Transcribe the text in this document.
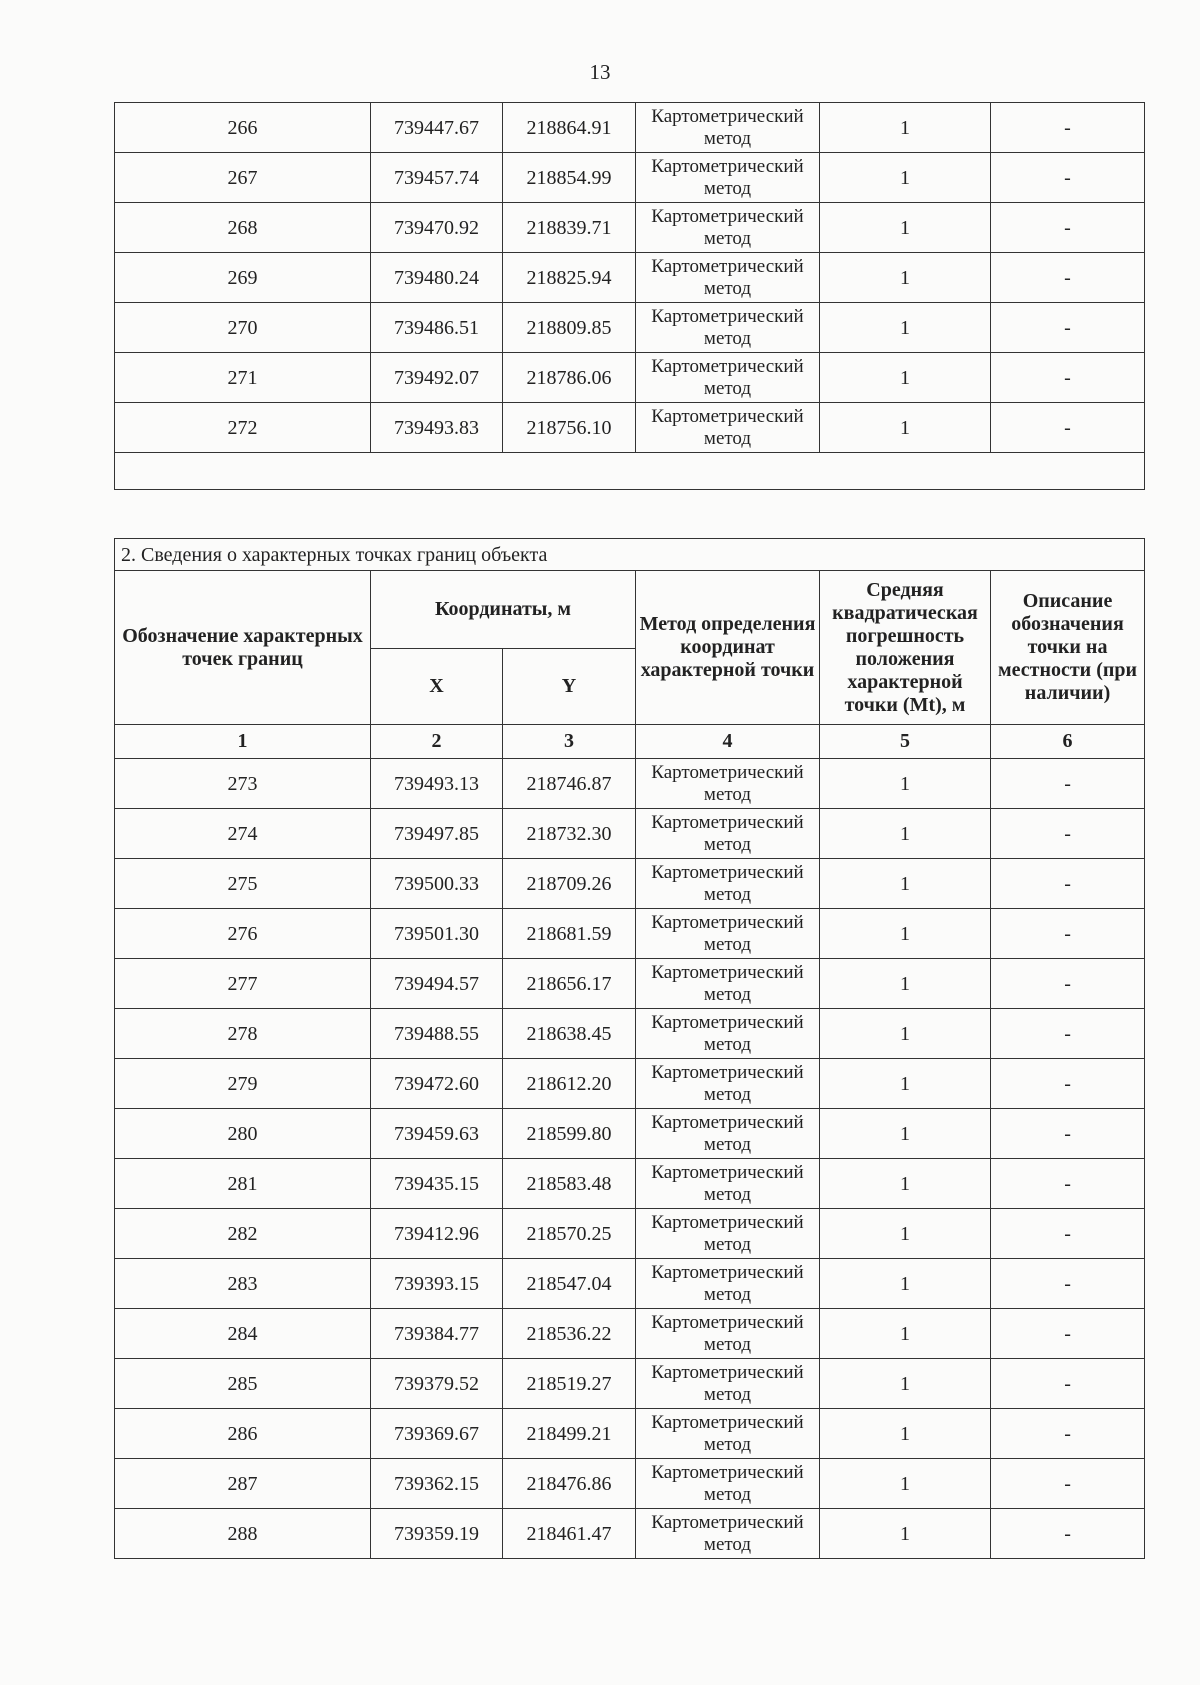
13
266	739447.67	218864.91	Картометрический метод	1	-
267	739457.74	218854.99	Картометрический метод	1	-
268	739470.92	218839.71	Картометрический метод	1	-
269	739480.24	218825.94	Картометрический метод	1	-
270	739486.51	218809.85	Картометрический метод	1	-
271	739492.07	218786.06	Картометрический метод	1	-
272	739493.83	218756.10	Картометрический метод	1	-

2. Сведения о характерных точках границ объекта					
Обозначение характерных точек границ	Координаты, м		Метод определения координат характерной точки	Средняя квадратическая погрешность положения характерной точки (Mt), м	Описание обозначения точки на местности (при наличии)
	X	Y			
1	2	3	4	5	6
273	739493.13	218746.87	Картометрический метод	1	-
274	739497.85	218732.30	Картометрический метод	1	-
275	739500.33	218709.26	Картометрический метод	1	-
276	739501.30	218681.59	Картометрический метод	1	-
277	739494.57	218656.17	Картометрический метод	1	-
278	739488.55	218638.45	Картометрический метод	1	-
279	739472.60	218612.20	Картометрический метод	1	-
280	739459.63	218599.80	Картометрический метод	1	-
281	739435.15	218583.48	Картометрический метод	1	-
282	739412.96	218570.25	Картометрический метод	1	-
283	739393.15	218547.04	Картометрический метод	1	-
284	739384.77	218536.22	Картометрический метод	1	-
285	739379.52	218519.27	Картометрический метод	1	-
286	739369.67	218499.21	Картометрический метод	1	-
287	739362.15	218476.86	Картометрический метод	1	-
288	739359.19	218461.47	Картометрический метод	1	-
